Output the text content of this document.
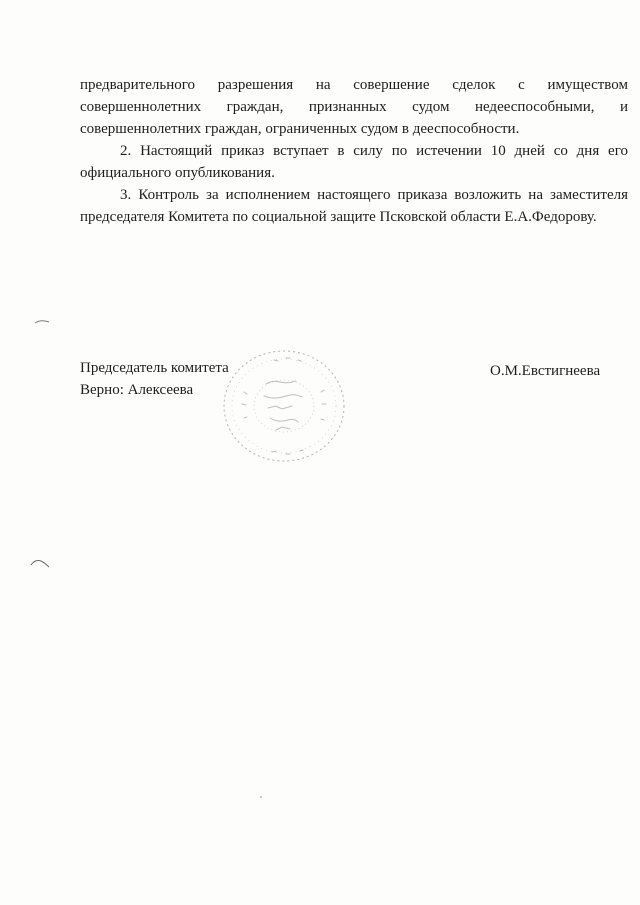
предварительного разрешения на совершение сделок с имуществом совершеннолетних граждан, признанных судом недееспособными, и совершеннолетних граждан, ограниченных судом в дееспособности.

2. Настоящий приказ вступает в силу по истечении 10 дней со дня его официального опубликования.

3. Контроль за исполнением настоящего приказа возложить на заместителя председателя Комитета по социальной защите Псковской области Е.А.Федорову.

Председатель комитета	О.М.Евстигнеева
Верно: Алексеева
